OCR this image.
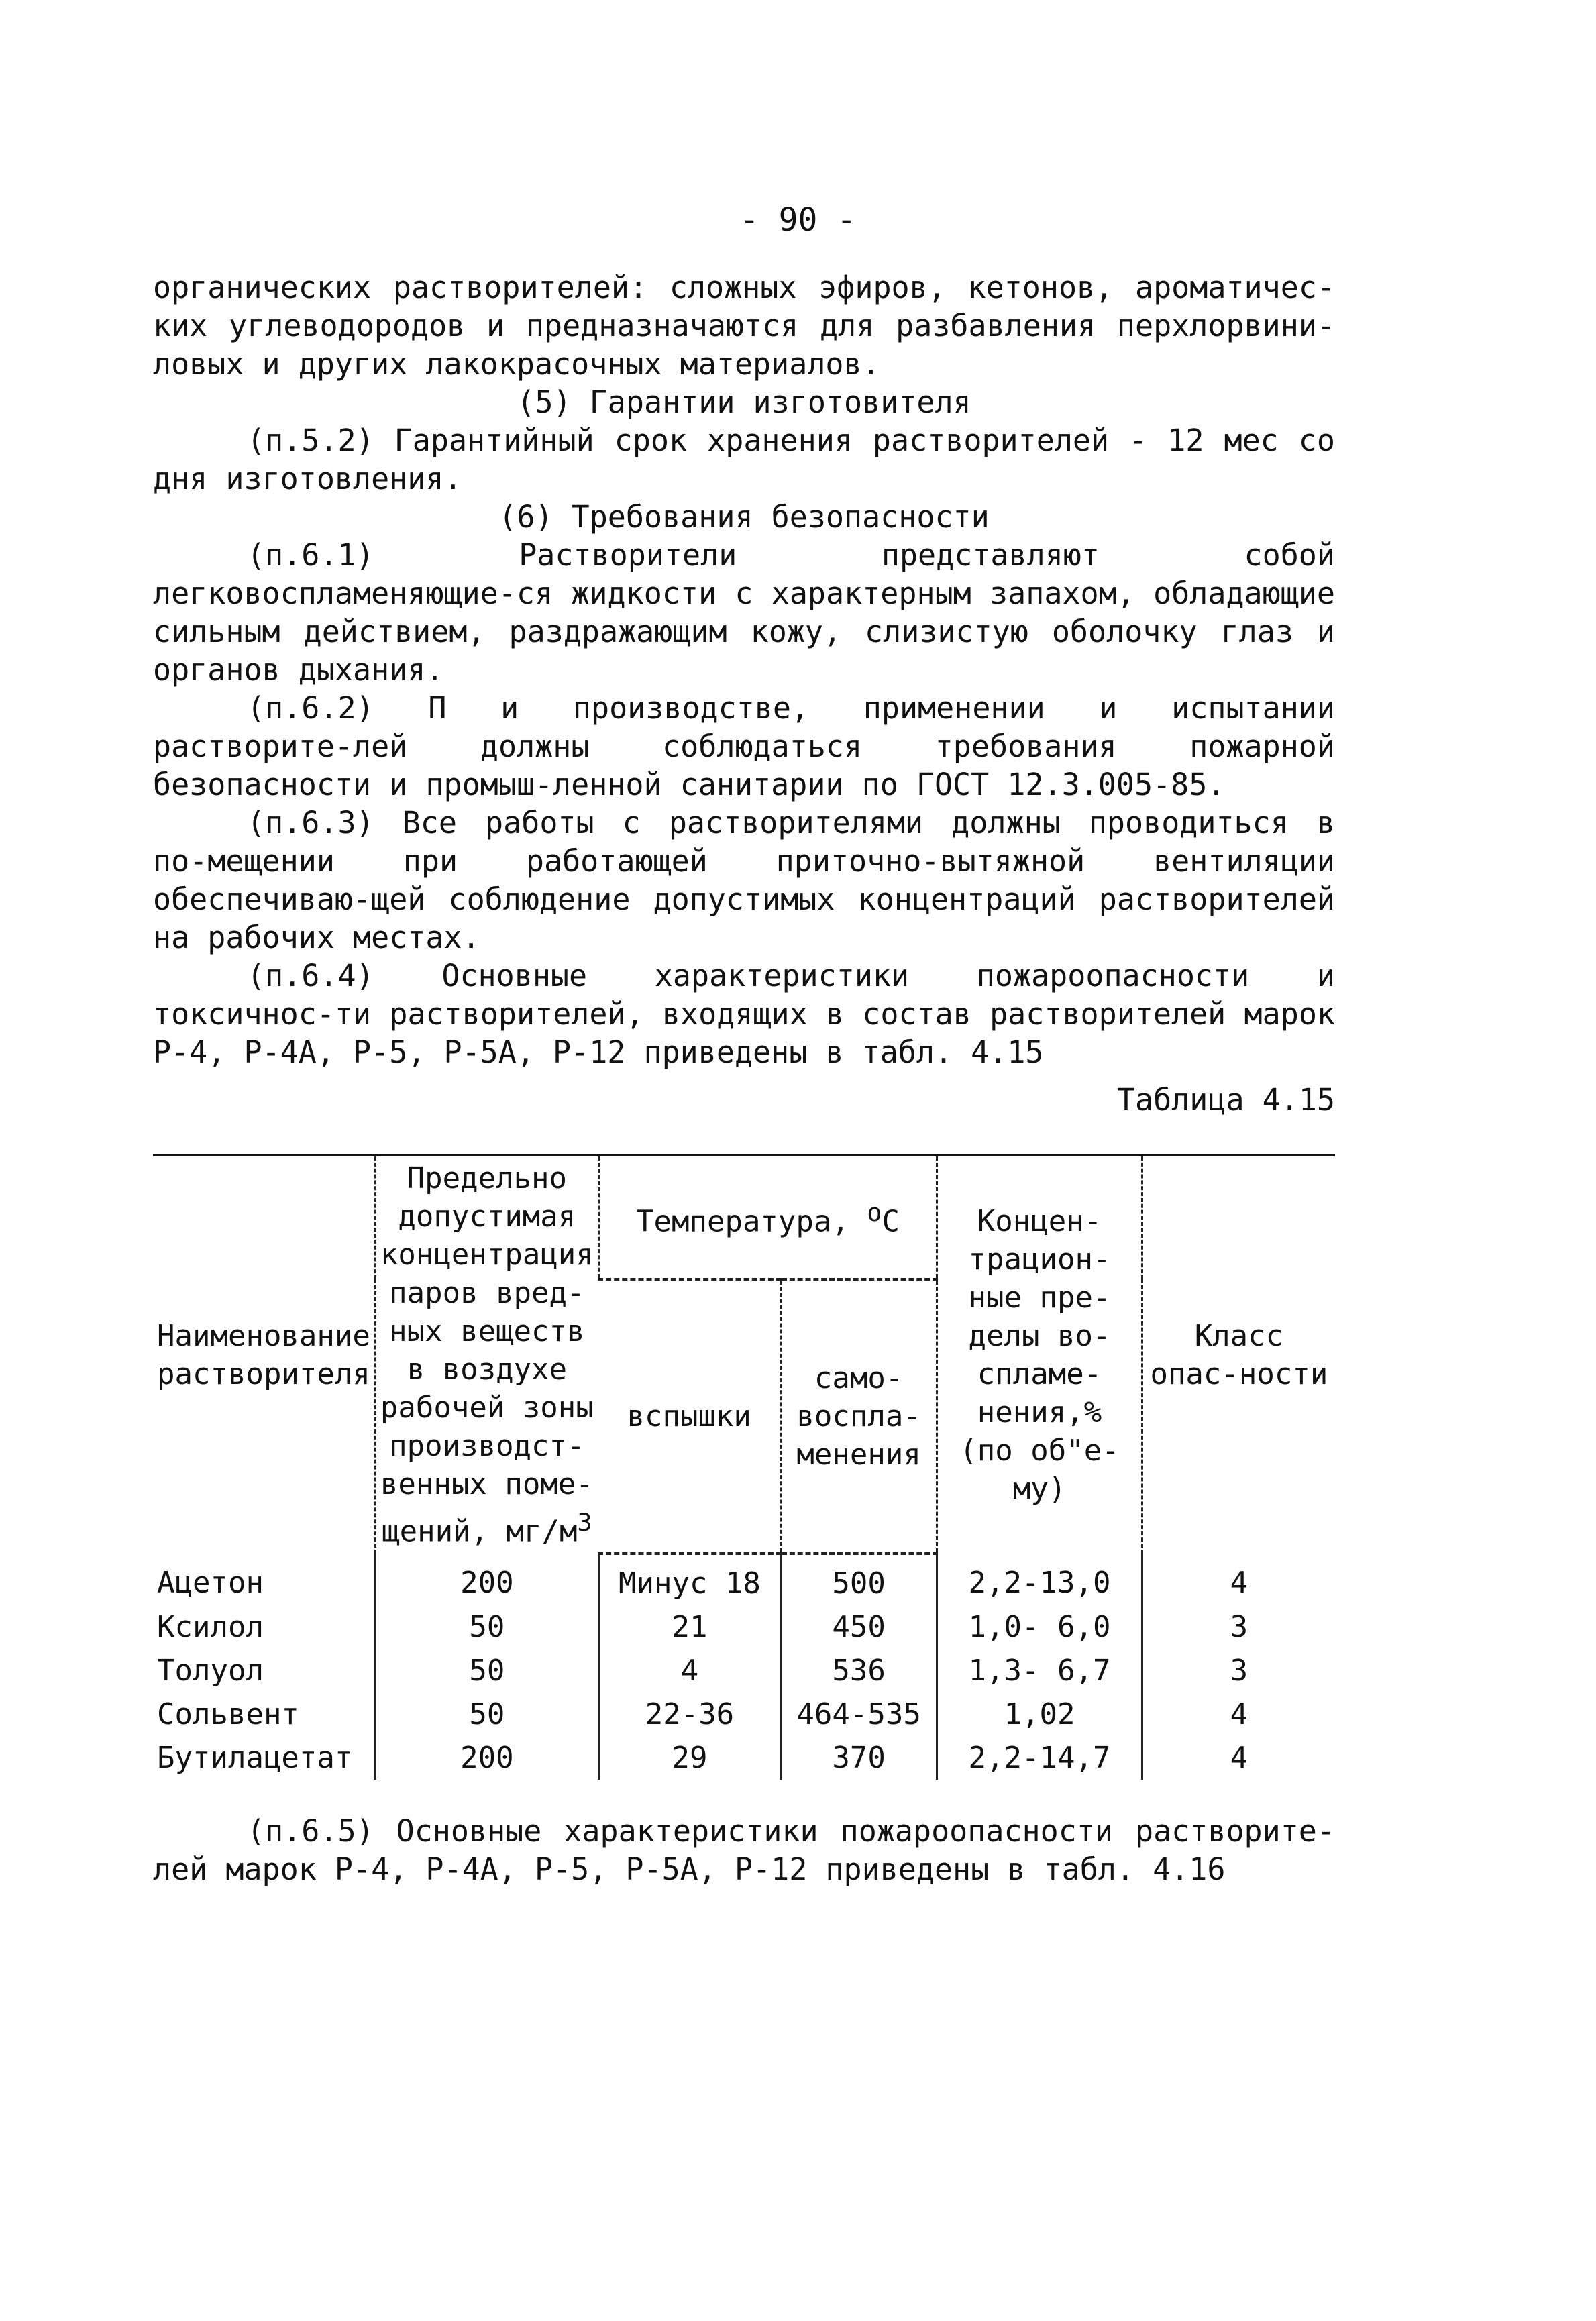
- 90 -

органических растворителей: сложных эфиров, кетонов, ароматичес-ких углеводородов и предназначаются для разбавления перхлорвини-ловых и других лакокрасочных материалов.

(5) Гарантии изготовителя

(п.5.2) Гарантийный срок хранения растворителей - 12 мес со дня изготовления.

(6) Требования безопасности

(п.6.1) Растворители представляют собой легковоспламеняющие-ся жидкости с характерным запахом, обладающие сильным действием, раздражающим кожу, слизистую оболочку глаз и органов дыхания.

(п.6.2) П и производстве, применении и испытании растворите-лей должны соблюдаться требования пожарной безопасности и промыш-ленной санитарии по ГОСТ 12.3.005-85.

(п.6.3) Все работы с растворителями должны проводиться в по-мещении при работающей приточно-вытяжной вентиляции обеспечиваю-щей соблюдение допустимых концентраций растворителей на рабочих местах.

(п.6.4) Основные характеристики пожароопасности и токсичнос-ти растворителей, входящих в состав растворителей марок Р-4, Р-4А, Р-5, Р-5А, Р-12 приведены в табл. 4.15

Таблица 4.15
Наименование растворителя	Предельно допустимая концентрация паров вред-ных веществ в воздухе рабочей зоны производст-венных поме-щений, $мг/м^3$	Температура, $^о$С		Концен-трацион-ные пре-делы во-спламе-нения,% (по об"е-му)	Класс опас-ности
		вспышки	само-воспла-менения		
Ацетон	200	Минус 18	500	2,2-13,0	4
Ксилол	50	21	450	1,0- 6,0	3
Толуол	50	4	536	1,3- 6,7	3
Сольвент	50	22-36	464-535	1,02	4
Бутилацетат	200	29	370	2,2-14,7	4

(п.6.5) Основные характеристики пожароопасности растворите-лей марок Р-4, Р-4А, Р-5, Р-5А, Р-12 приведены в табл. 4.16
